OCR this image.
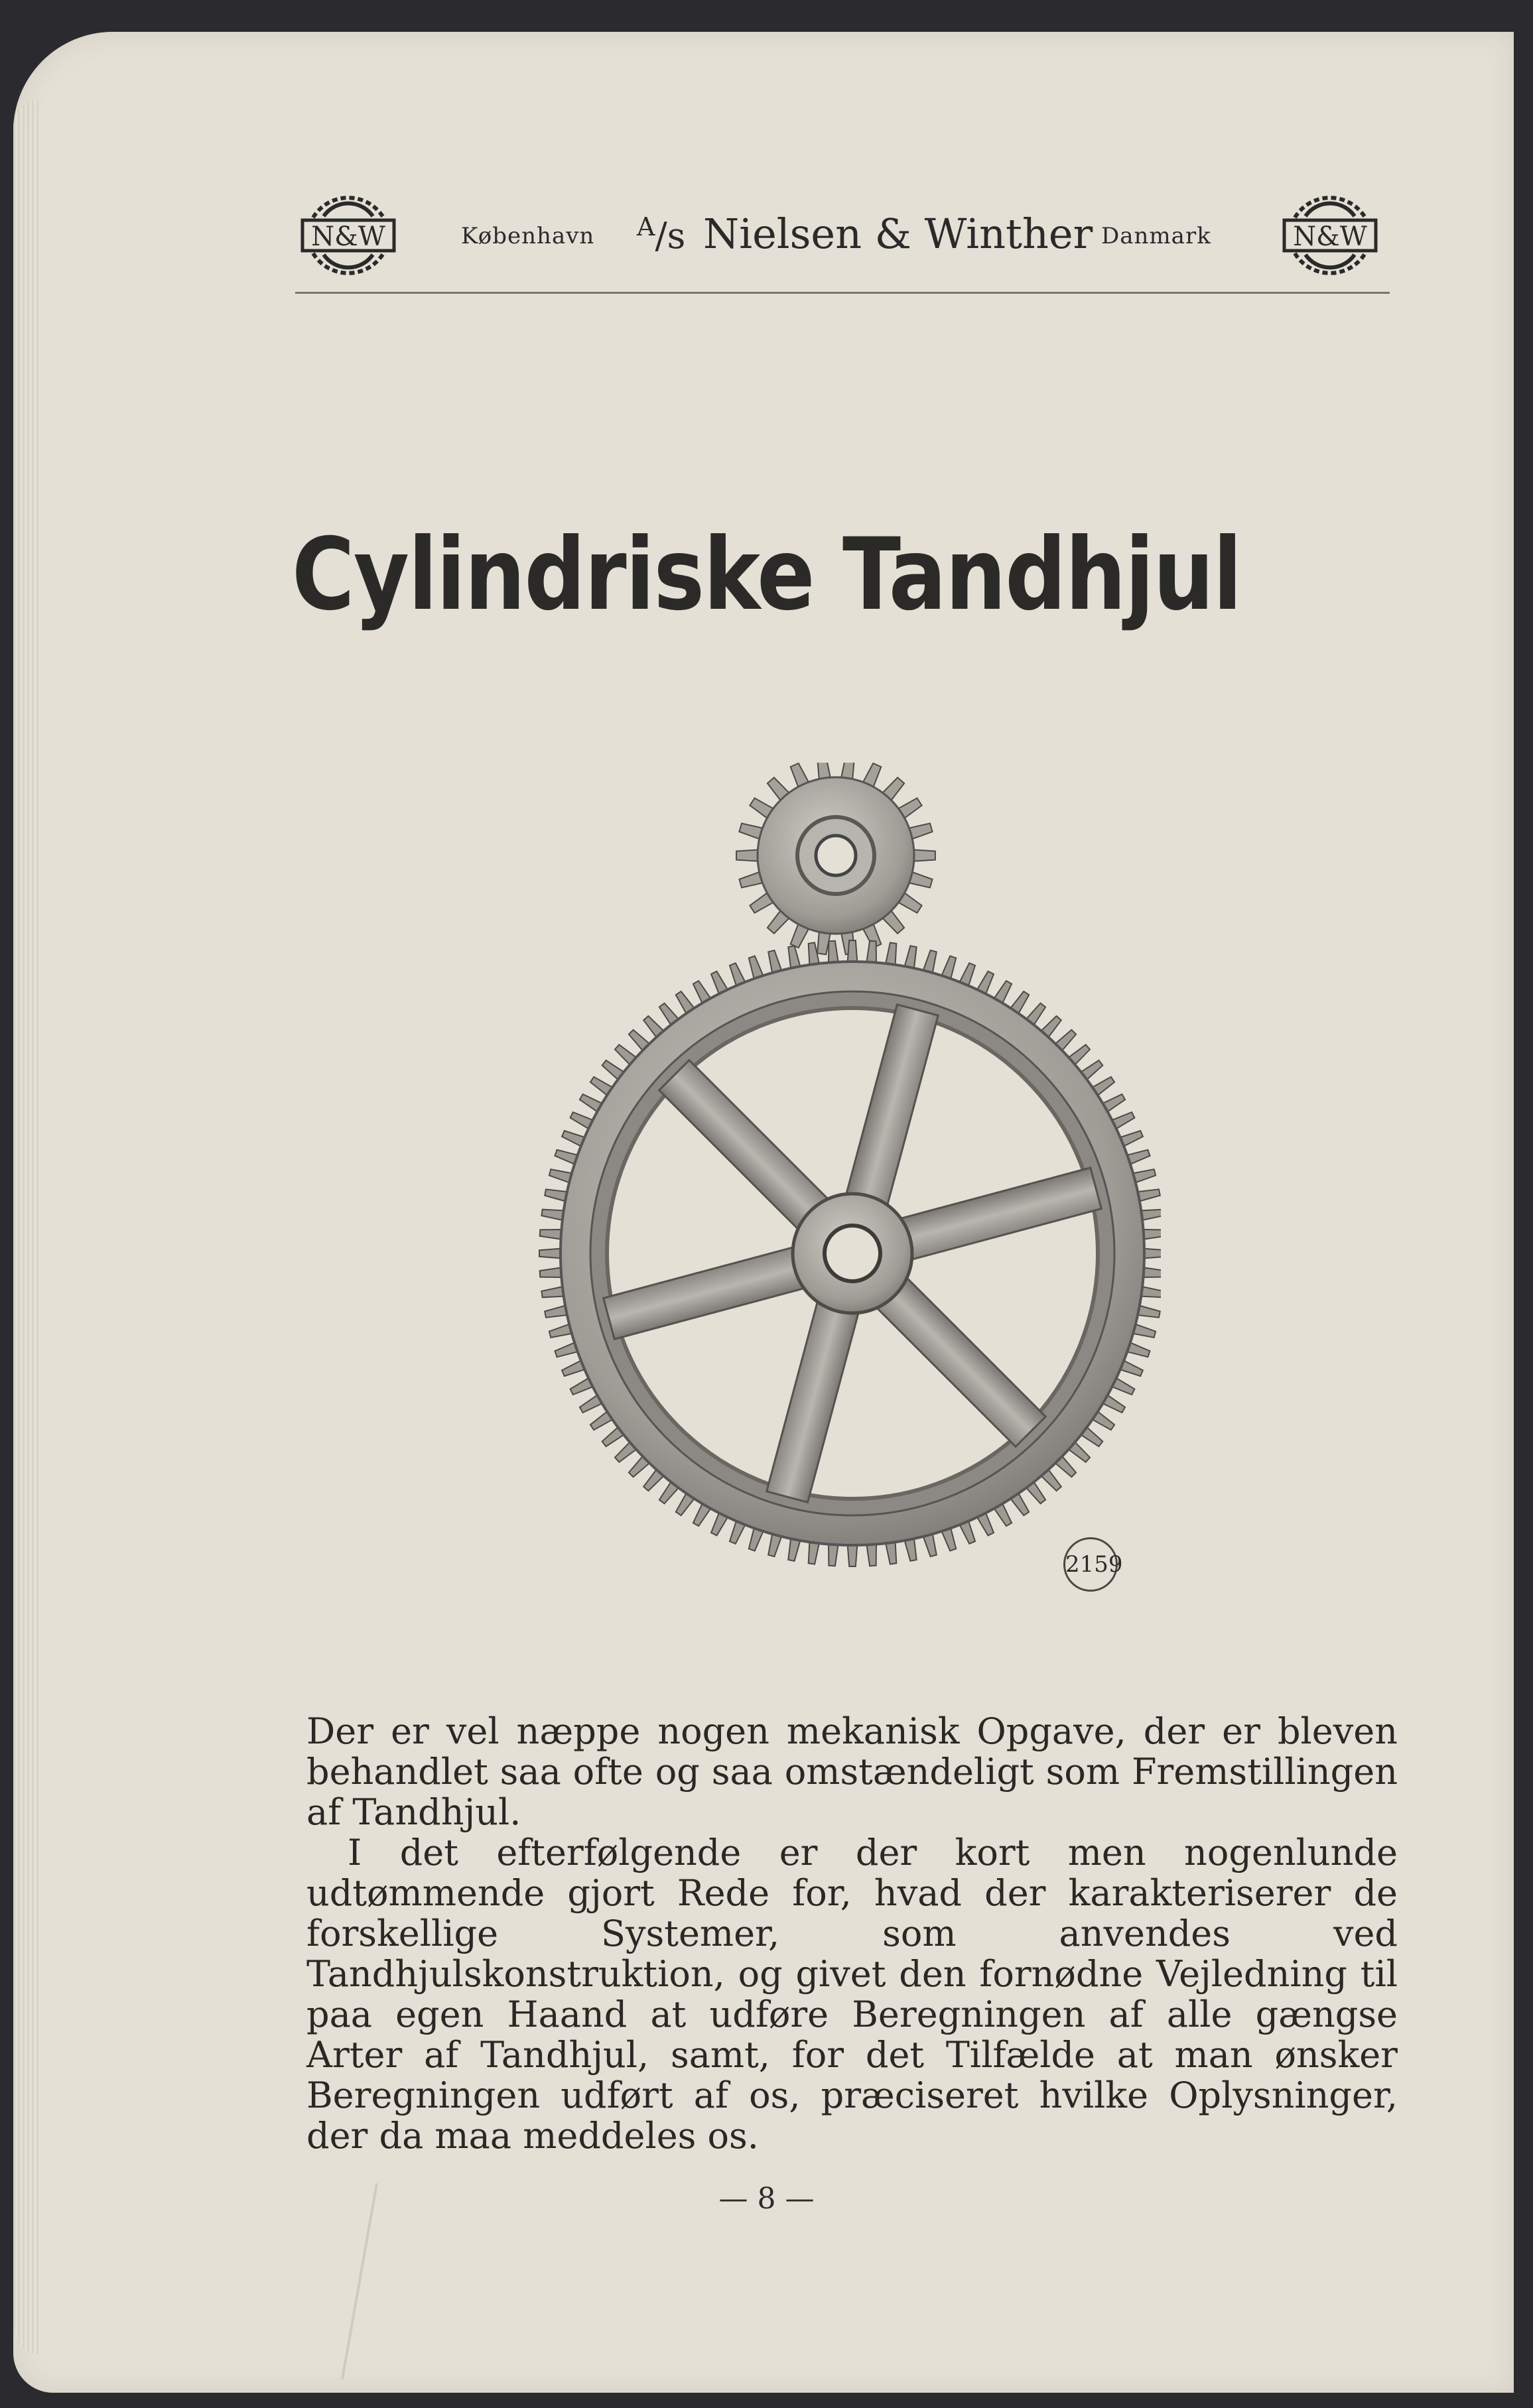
N&W	København $^A$/s Nielsen & Winther Danmark	N&W
Cylindriske Tandhjul
2159

Der er vel næppe nogen mekanisk Opgave, der er bleven behandlet saa ofte og saa omstændeligt som Fremstillingen af Tandhjul.

I det efterfølgende er der kort men nogenlunde udtømmende gjort Rede for, hvad der karakteriserer de forskellige Systemer, som anvendes ved Tandhjulskonstruktion, og givet den fornødne Vejledning til paa egen Haand at udføre Beregningen af alle gængse Arter af Tandhjul, samt, for det Tilfælde at man ønsker Beregningen udført af os, præciseret hvilke Oplysninger, der da maa meddeles os.

— 8 —
